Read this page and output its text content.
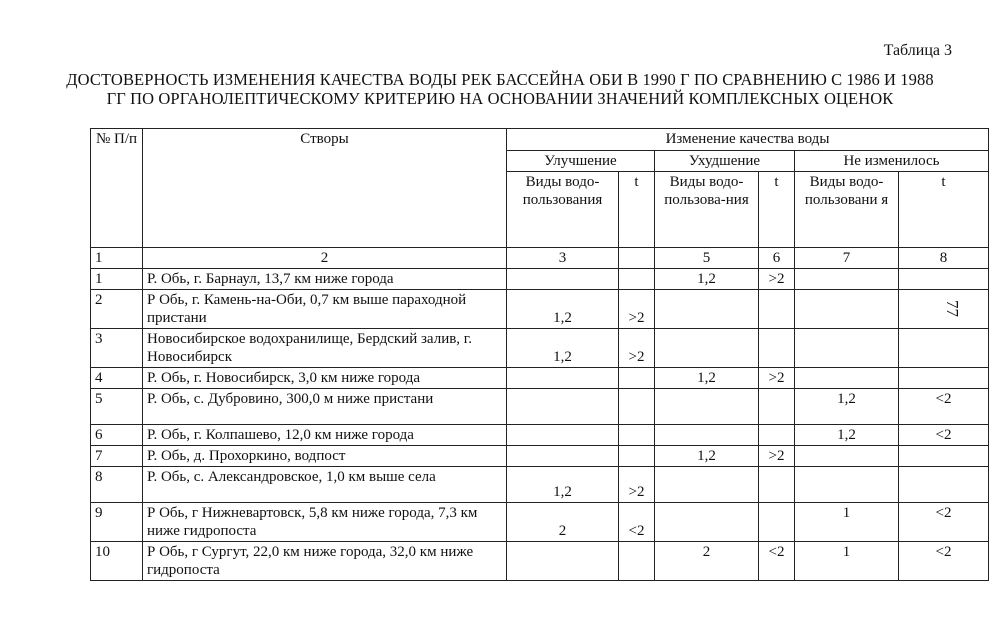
Таблица 3
ДОСТОВЕРНОСТЬ ИЗМЕНЕНИЯ КАЧЕСТВА ВОДЫ РЕК БАССЕЙНА ОБИ В 1990 Г ПО СРАВНЕНИЮ С 1986 И 1988 ГГ ПО ОРГАНОЛЕПТИЧЕСКОМУ КРИТЕРИЮ НА ОСНОВАНИИ ЗНАЧЕНИЙ КОМПЛЕКСНЫХ ОЦЕНОК
77
№ П/п	Створы	Изменение качества воды					
		Улучшение		Ухудшение		Не изменилось	
		Виды водо-пользования	t	Виды водо-пользова-ния	t	Виды водо-пользовани я	t
1	2	3		5	6	7	8
1	Р. Обь, г. Барнаул, 13,7 км ниже города			1,2	>2		
2	Р Обь, г. Камень-на-Оби, 0,7 км выше параходной пристани	1,2	>2				
3	Новосибирское водохранилище, Бердский залив, г. Новосибирск	1,2	>2				
4	Р. Обь, г. Новосибирск, 3,0 км ниже города			1,2	>2		
5	Р. Обь, с. Дубровино, 300,0 м ниже пристани					1,2	<2
6	Р. Обь, г. Колпашево, 12,0 км ниже города					1,2	<2
7	Р. Обь, д. Прохоркино, водпост			1,2	>2		
8	Р. Обь, с. Александровское, 1,0 км выше села	1,2	>2				
9	Р Обь, г Нижневартовск, 5,8 км ниже города, 7,3 км ниже гидропоста	2	<2			1	<2
10	Р Обь, г Сургут, 22,0 км ниже города, 32,0 км ниже гидропоста			2	<2	1	<2
